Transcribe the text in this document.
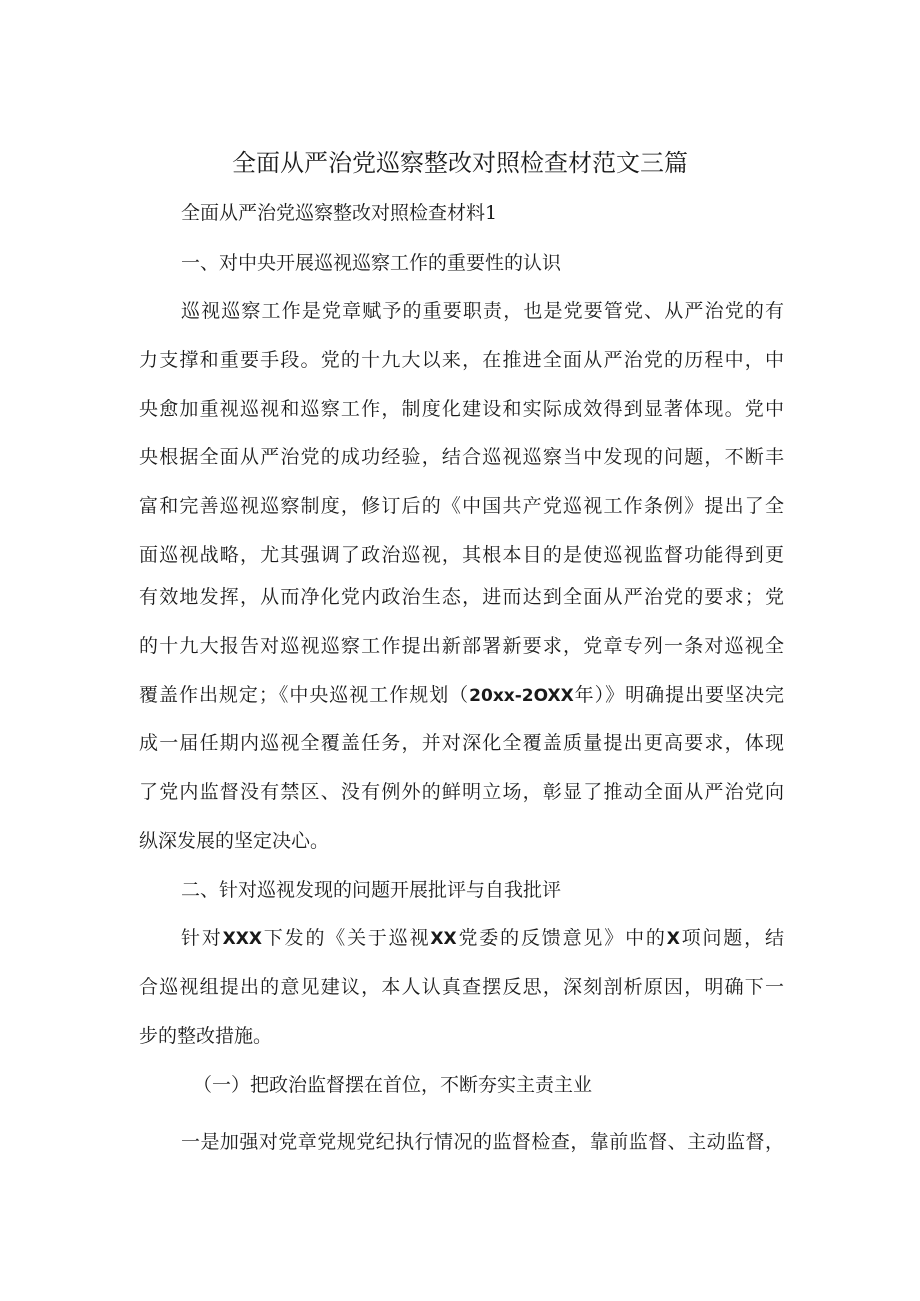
全面从严治党巡察整改对照检查材范文三篇

全面从严治党巡察整改对照检查材料1

一、对中央开展巡视巡察工作的重要性的认识

巡视巡察工作是党章赋予的重要职责，也是党要管党、从严治党的有

力支撑和重要手段。党的十九大以来，在推进全面从严治党的历程中，中

央愈加重视巡视和巡察工作，制度化建设和实际成效得到显著体现。党中

央根据全面从严治党的成功经验，结合巡视巡察当中发现的问题，不断丰

富和完善巡视巡察制度，修订后的《中国共产党巡视工作条例》提出了全

面巡视战略，尤其强调了政治巡视，其根本目的是使巡视监督功能得到更

有效地发挥，从而净化党内政治生态，进而达到全面从严治党的要求；党

的十九大报告对巡视巡察工作提出新部署新要求，党章专列一条对巡视全

覆盖作出规定；《中央巡视工作规划（20xx-2OXX年）》明确提出要坚决完

成一届任期内巡视全覆盖任务，并对深化全覆盖质量提出更高要求，体现

了党内监督没有禁区、没有例外的鲜明立场，彰显了推动全面从严治党向

纵深发展的坚定决心。

二、针对巡视发现的问题开展批评与自我批评

针对XXX下发的《关于巡视XX党委的反馈意见》中的X项问题，结

合巡视组提出的意见建议，本人认真查摆反思，深刻剖析原因，明确下一

步的整改措施。

（一）把政治监督摆在首位，不断夯实主责主业

一是加强对党章党规党纪执行情况的监督检查，靠前监督、主动监督，
